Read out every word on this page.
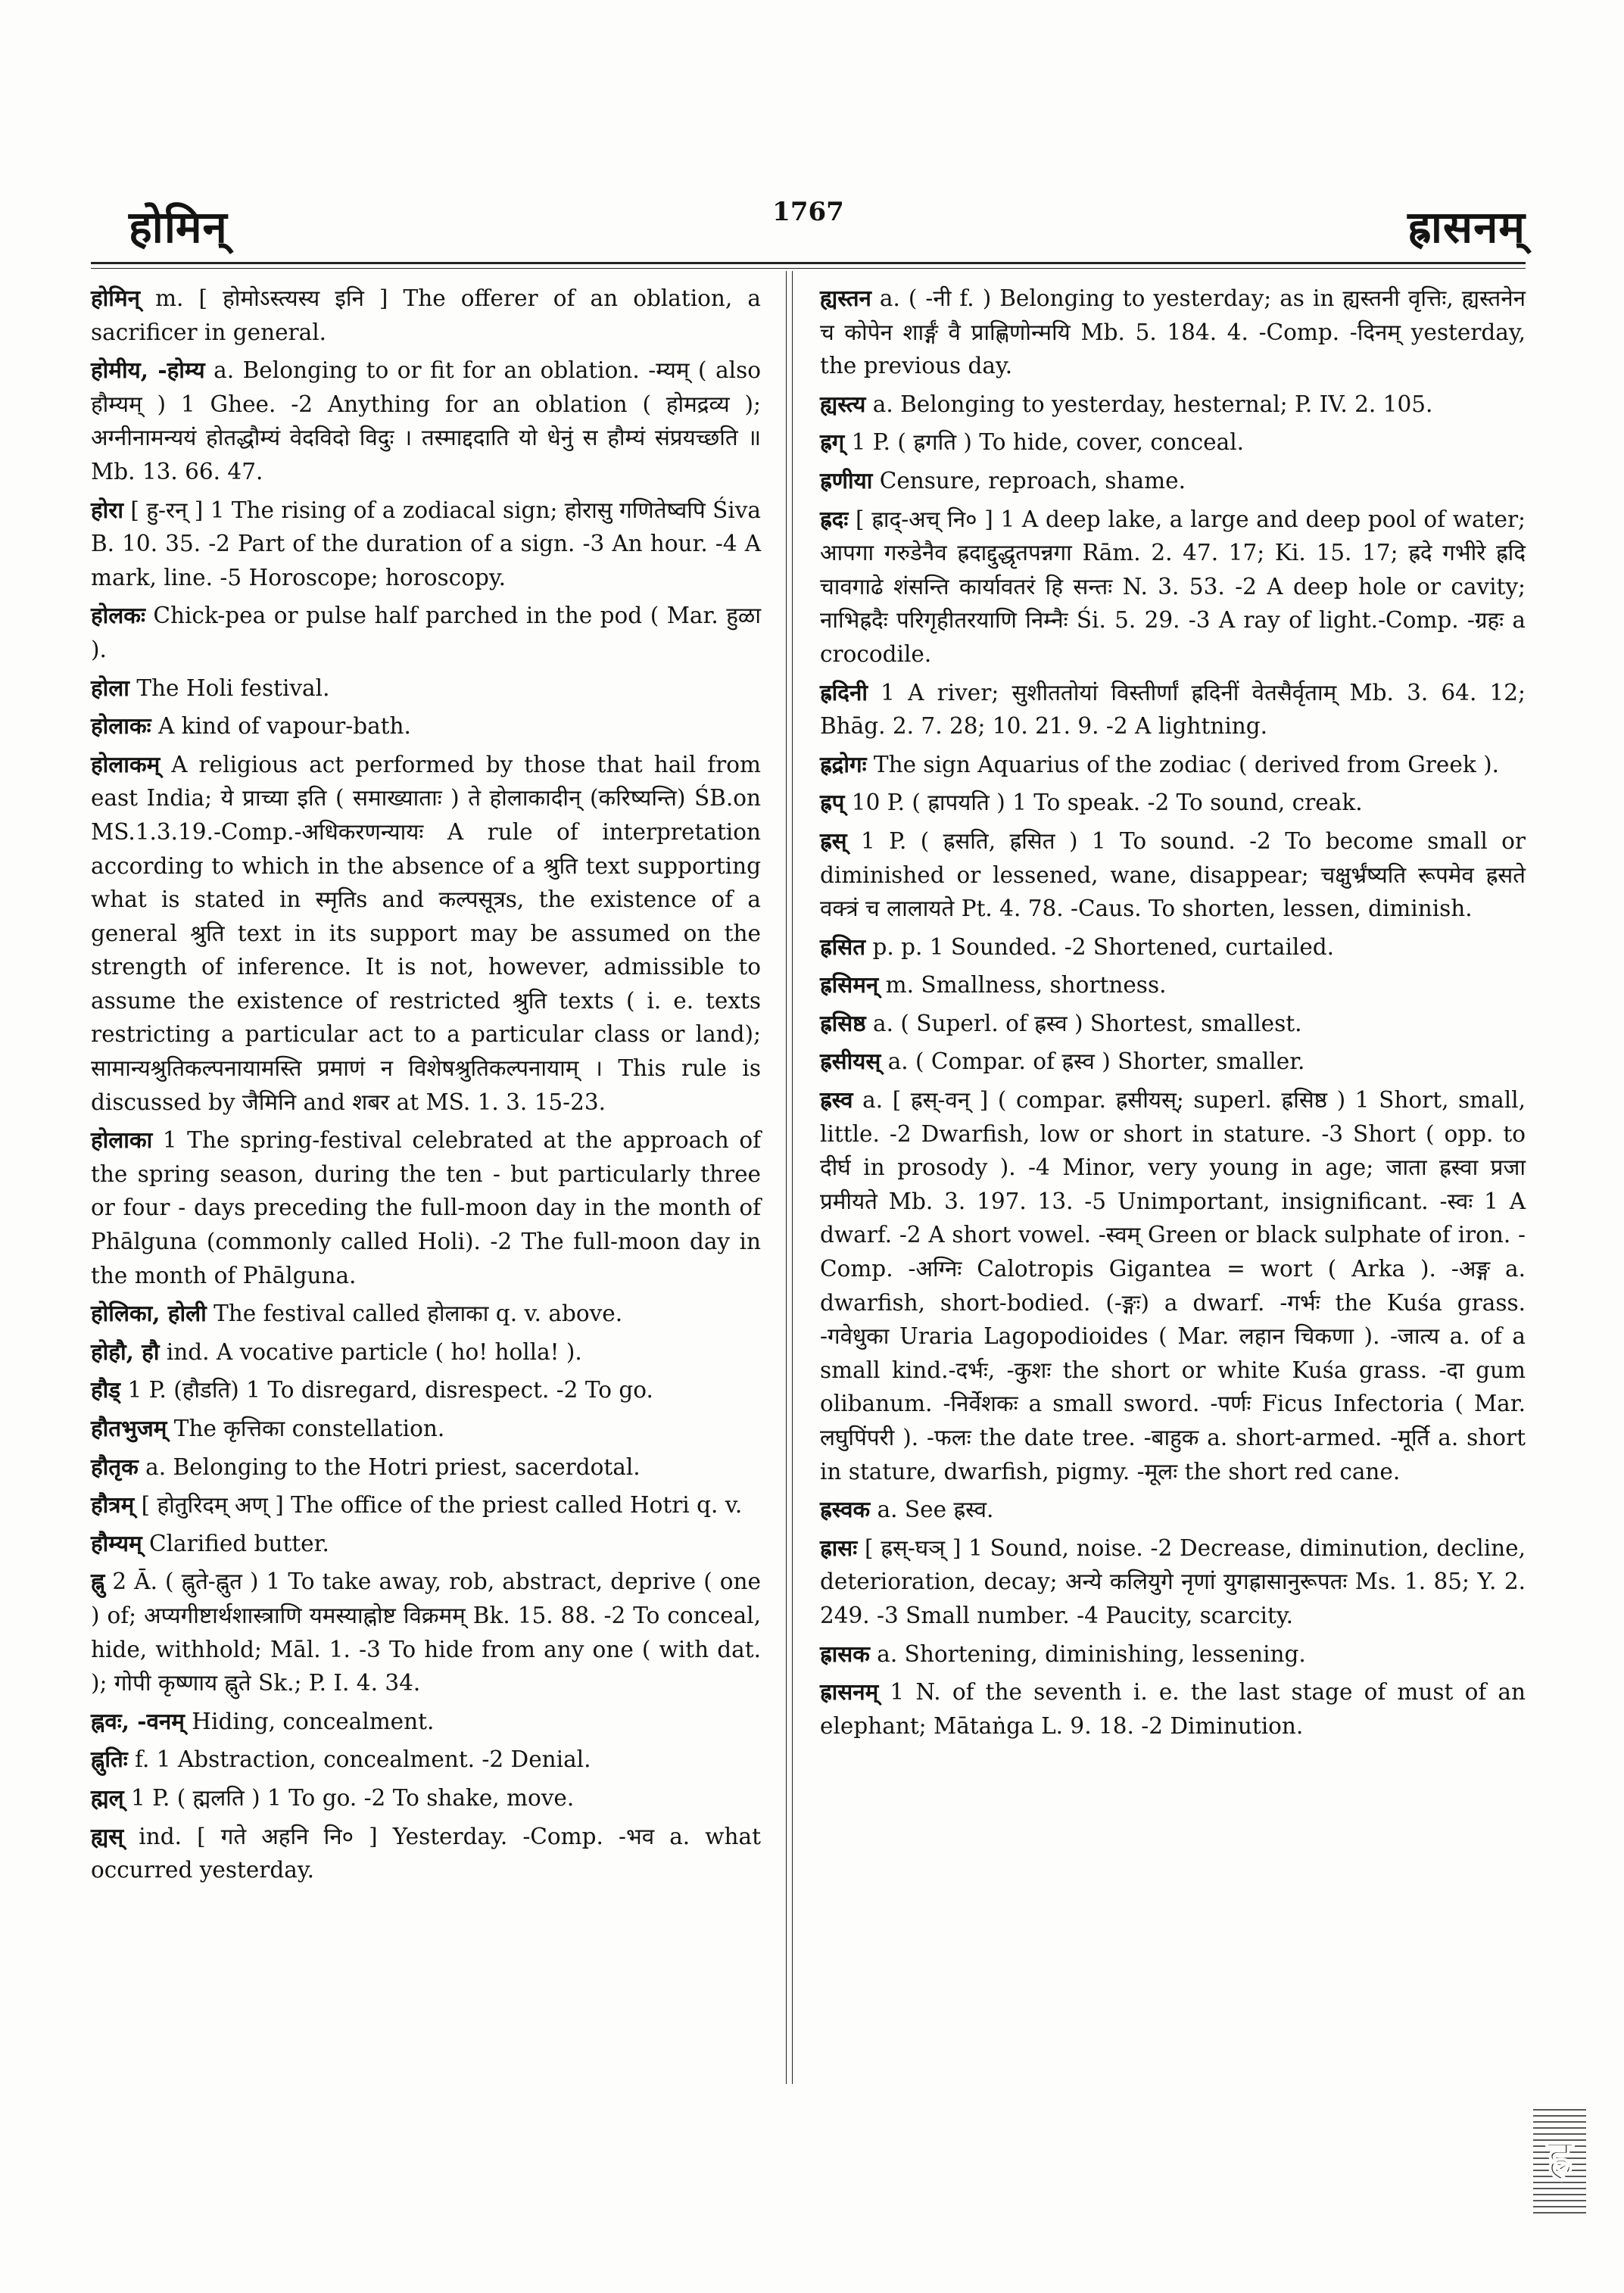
होमिन्	1767	ह्रासनम्

होमिन् m. [ होमोऽस्त्यस्य इनि ] The offerer of an oblation, a sacrificer in general.

होमीय, -होम्य a. Belonging to or fit for an oblation. -म्यम् ( also हौम्यम् ) 1 Ghee. -2 Anything for an oblation ( होमद्रव्य ); अग्नीनामन्ययं होतद्धौम्यं वेदविदो विदुः । तस्माद्ददाति यो धेनुं स हौम्यं संप्रयच्छति ॥ Mb. 13. 66. 47.

होरा [ हु-रन् ] 1 The rising of a zodiacal sign; होरासु गणितेष्वपि Śiva B. 10. 35. -2 Part of the duration of a sign. -3 An hour. -4 A mark, line. -5 Horoscope; horoscopy.

होलकः Chick-pea or pulse half parched in the pod ( Mar. हुळा ).

होला The Holi festival.

होलाकः A kind of vapour-bath.

होलाकम् A religious act performed by those that hail from east India; ये प्राच्या इति ( समाख्याताः ) ते होलाकादीन् (करिष्यन्ति) ŚB.on MS.1.3.19.-Comp.-अधिकरणन्यायः A rule of interpretation according to which in the absence of a श्रुति text supporting what is stated in स्मृतिs and कल्पसूत्रs, the existence of a general श्रुति text in its support may be assumed on the strength of inference. It is not, however, admissible to assume the existence of restricted श्रुति texts ( i. e. texts restricting a particular act to a particular class or land); सामान्यश्रुतिकल्पनायामस्ति प्रमाणं न विशेषश्रुतिकल्पनायाम् । This rule is discussed by जैमिनि and शबर at MS. 1. 3. 15-23.

होलाका 1 The spring-festival celebrated at the approach of the spring season, during the ten - but particularly three or four - days preceding the full-moon day in the month of Phālguna (commonly called Holi). -2 The full-moon day in the month of Phālguna.

होलिका, होली The festival called होलाका q. v. above.

होहौ, हौ ind. A vocative particle ( ho! holla! ).

हौड् 1 P. (हौडति) 1 To disregard, disrespect. -2 To go.

हौतभुजम् The कृत्तिका constellation.

हौतृक a. Belonging to the Hotri priest, sacerdotal.

हौत्रम् [ होतुरिदम् अण् ] The office of the priest called Hotri q. v.

हौम्यम् Clarified butter.

ह्नु 2 Ā. ( ह्नुते-ह्नुत ) 1 To take away, rob, abstract, deprive ( one ) of; अप्यगीष्टार्थशास्त्राणि यमस्याह्नोष्ट विक्रमम् Bk. 15. 88. -2 To conceal, hide, withhold; Māl. 1. -3 To hide from any one ( with dat. ); गोपी कृष्णाय ह्नुते Sk.; P. I. 4. 34.

ह्नवः, -वनम् Hiding, concealment.

ह्नुतिः f. 1 Abstraction, concealment. -2 Denial.

ह्मल् 1 P. ( ह्मलति ) 1 To go. -2 To shake, move.

ह्यस् ind. [ गते अहनि नि० ] Yesterday. -Comp. -भव a. what occurred yesterday.

ह्यस्तन a. ( -नी f. ) Belonging to yesterday; as in ह्यस्तनी वृत्तिः, ह्यस्तनेन च कोपेन शार्ङ्गं वै प्राह्णिणोन्मयि Mb. 5. 184. 4. -Comp. -दिनम् yesterday, the previous day.

ह्यस्त्य a. Belonging to yesterday, hesternal; P. IV. 2. 105.

ह्रग् 1 P. ( ह्रगति ) To hide, cover, conceal.

ह्रणीया Censure, reproach, shame.

ह्रदः [ ह्राद्-अच् नि० ] 1 A deep lake, a large and deep pool of water; आपगा गरुडेनैव ह्रदाद्दुद्धृतपन्नगा Rām. 2. 47. 17; Ki. 15. 17; ह्रदे गभीरे ह्रदि चावगाढे शंसन्ति कार्यावतरं हि सन्तः N. 3. 53. -2 A deep hole or cavity; नाभिह्रदैः परिगृहीतरयाणि निम्नैः Śi. 5. 29. -3 A ray of light.-Comp. -ग्रहः a crocodile.

ह्रदिनी 1 A river; सुशीततोयां विस्तीर्णां ह्रदिनीं वेतसैर्वृताम् Mb. 3. 64. 12; Bhāg. 2. 7. 28; 10. 21. 9. -2 A lightning.

ह्रद्रोगः The sign Aquarius of the zodiac ( derived from Greek ).

ह्रप् 10 P. ( ह्रापयति ) 1 To speak. -2 To sound, creak.

ह्रस् 1 P. ( ह्रसति, ह्रसित ) 1 To sound. -2 To become small or diminished or lessened, wane, disappear; चक्षुर्भ्रंष्यति रूपमेव ह्रसते वक्त्रं च लालायते Pt. 4. 78. -Caus. To shorten, lessen, diminish.

ह्रसित p. p. 1 Sounded. -2 Shortened, curtailed.

ह्रसिमन् m. Smallness, shortness.

ह्रसिष्ठ a. ( Superl. of ह्रस्व ) Shortest, smallest.

ह्रसीयस् a. ( Compar. of ह्रस्व ) Shorter, smaller.

ह्रस्व a. [ ह्रस्-वन् ] ( compar. ह्रसीयस्; superl. ह्रसिष्ठ ) 1 Short, small, little. -2 Dwarfish, low or short in stature. -3 Short ( opp. to दीर्घ in prosody ). -4 Minor, very young in age; जाता ह्रस्वा प्रजा प्रमीयते Mb. 3. 197. 13. -5 Unimportant, insignificant. -स्वः 1 A dwarf. -2 A short vowel. -स्वम् Green or black sulphate of iron. -Comp. -अग्निः Calotropis Gigantea = wort ( Arka ). -अङ्ग a. dwarfish, short-bodied. (-ङ्गः) a dwarf. -गर्भः the Kuśa grass. -गवेधुका Uraria Lagopodioides ( Mar. लहान चिकणा ). -जात्य a. of a small kind.-दर्भः, -कुशः the short or white Kuśa grass. -दा gum olibanum. -निर्वेशकः a small sword. -पर्णः Ficus Infectoria ( Mar. लघुपिंपरी ). -फलः the date tree. -बाहुक a. short-armed. -मूर्ति a. short in stature, dwarfish, pigmy. -मूलः the short red cane.

ह्रस्वक a. See ह्रस्व.

ह्रासः [ ह्रस्-घञ् ] 1 Sound, noise. -2 Decrease, diminution, decline, deterioration, decay; अन्ये कलियुगे नृणां युगह्रासानुरूपतः Ms. 1. 85; Y. 2. 249. -3 Small number. -4 Paucity, scarcity.

ह्रासक a. Shortening, diminishing, lessening.

ह्रासनम् 1 N. of the seventh i. e. the last stage of must of an elephant; Mātaṅga L. 9. 18. -2 Diminution.

ह्र
